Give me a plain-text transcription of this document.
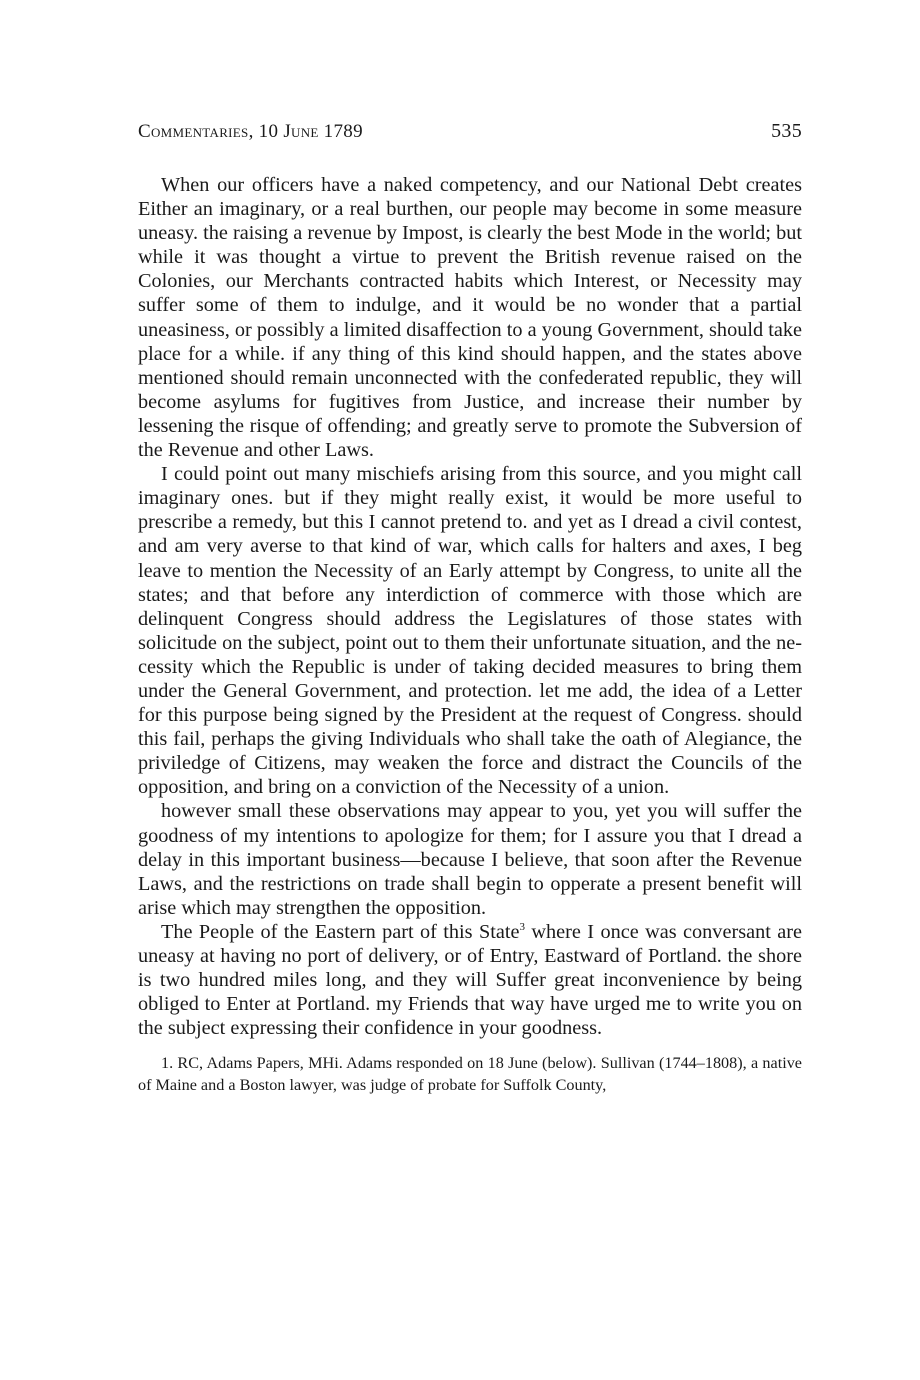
Commentaries, 10 June 1789	535

When our officers have a naked competency, and our National Debt creates Either an imaginary, or a real burthen, our people may become in some measure uneasy. the raising a revenue by Impost, is clearly the best Mode in the world; but while it was thought a virtue to prevent the British revenue raised on the Colonies, our Merchants contracted habits which Interest, or Necessity may suffer some of them to indulge, and it would be no wonder that a partial uneasiness, or possibly a limited disaffection to a young Government, should take place for a while. if any thing of this kind should happen, and the states above mentioned should remain unconnected with the confederated republic, they will become asylums for fugitives from Justice, and increase their number by lessening the risque of offending; and greatly serve to promote the Subversion of the Revenue and other Laws.

I could point out many mischiefs arising from this source, and you might call imaginary ones. but if they might really exist, it would be more useful to prescribe a remedy, but this I cannot pretend to. and yet as I dread a civil contest, and am very averse to that kind of war, which calls for halters and axes, I beg leave to mention the Necessity of an Early attempt by Congress, to unite all the states; and that before any interdiction of commerce with those which are delinquent Congress should address the Legislatures of those states with solicitude on the subject, point out to them their unfortunate situation, and the necessity which the Republic is under of taking decided measures to bring them under the General Government, and protection. let me add, the idea of a Letter for this purpose being signed by the President at the request of Congress. should this fail, perhaps the giving Individuals who shall take the oath of Alegiance, the priviledge of Citizens, may weaken the force and distract the Councils of the opposition, and bring on a conviction of the Necessity of a union.

however small these observations may appear to you, yet you will suffer the goodness of my intentions to apologize for them; for I assure you that I dread a delay in this important business—because I believe, that soon after the Revenue Laws, and the restrictions on trade shall begin to opperate a present benefit will arise which may strengthen the opposition.

The People of the Eastern part of this State$^3$ where I once was conversant are uneasy at having no port of delivery, or of Entry, Eastward of Portland. the shore is two hundred miles long, and they will Suffer great inconvenience by being obliged to Enter at Portland. my Friends that way have urged me to write you on the subject expressing their confidence in your goodness.

1. RC, Adams Papers, MHi. Adams responded on 18 June (below). Sullivan (1744–1808), a native of Maine and a Boston lawyer, was judge of probate for Suffolk County,
